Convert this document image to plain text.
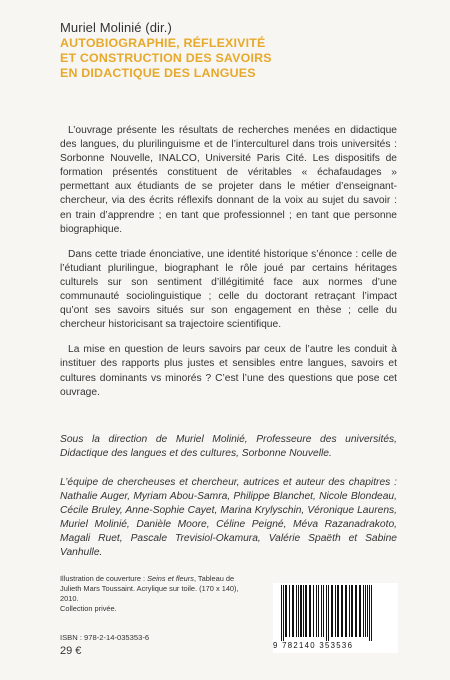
Muriel Molinié (dir.)
AUTOBIOGRAPHIE, RÉFLEXIVITÉ
ET CONSTRUCTION DES SAVOIRS
EN DIDACTIQUE DES LANGUES

L’ouvrage présente les résultats de recherches menées en didactique des langues, du plurilinguisme et de l’interculturel dans trois universités : Sorbonne Nouvelle, INALCO, Université Paris Cité. Les dispositifs de formation présentés constituent de véritables « échafaudages » permettant aux étudiants de se projeter dans le métier d’enseignant-chercheur, via des écrits réflexifs donnant de la voix au sujet du savoir : en train d’apprendre ; en tant que professionnel ; en tant que personne biographique.

Dans cette triade énonciative, une identité historique s’énonce : celle de l’étudiant plurilingue, biographant le rôle joué par certains héritages culturels sur son sentiment d’illégitimité face aux normes d’une communauté sociolinguistique ; celle du doctorant retraçant l’impact qu’ont ses savoirs situés sur son engagement en thèse ; celle du chercheur historicisant sa trajectoire scientifique.

La mise en question de leurs savoirs par ceux de l’autre les conduit à instituer des rapports plus justes et sensibles entre langues, savoirs et cultures dominants vs minorés ? C’est l’une des questions que pose cet ouvrage.

Sous la direction de Muriel Molinié, Professeure des universités, Didactique des langues et des cultures, Sorbonne Nouvelle.
L’équipe de chercheuses et chercheur, autrices et auteur des chapitres : Nathalie Auger, Myriam Abou-Samra, Philippe Blanchet, Nicole Blondeau, Cécile Bruley, Anne-Sophie Cayet, Marina Krylyschin, Véronique Laurens, Muriel Molinié, Danièle Moore, Céline Peigné, Méva Razanadrakoto, Magali Ruet, Pascale Trevisiol-Okamura, Valérie Spaëth et Sabine Vanhulle.
Illustration de couverture : Seins et fleurs, Tableau de Julieth Mars Toussaint. Acrylique sur toile. (170 x 140), 2010.
Collection privée.
ISBN : 978-2-14-035353-6
29 €	9 782140 353536
